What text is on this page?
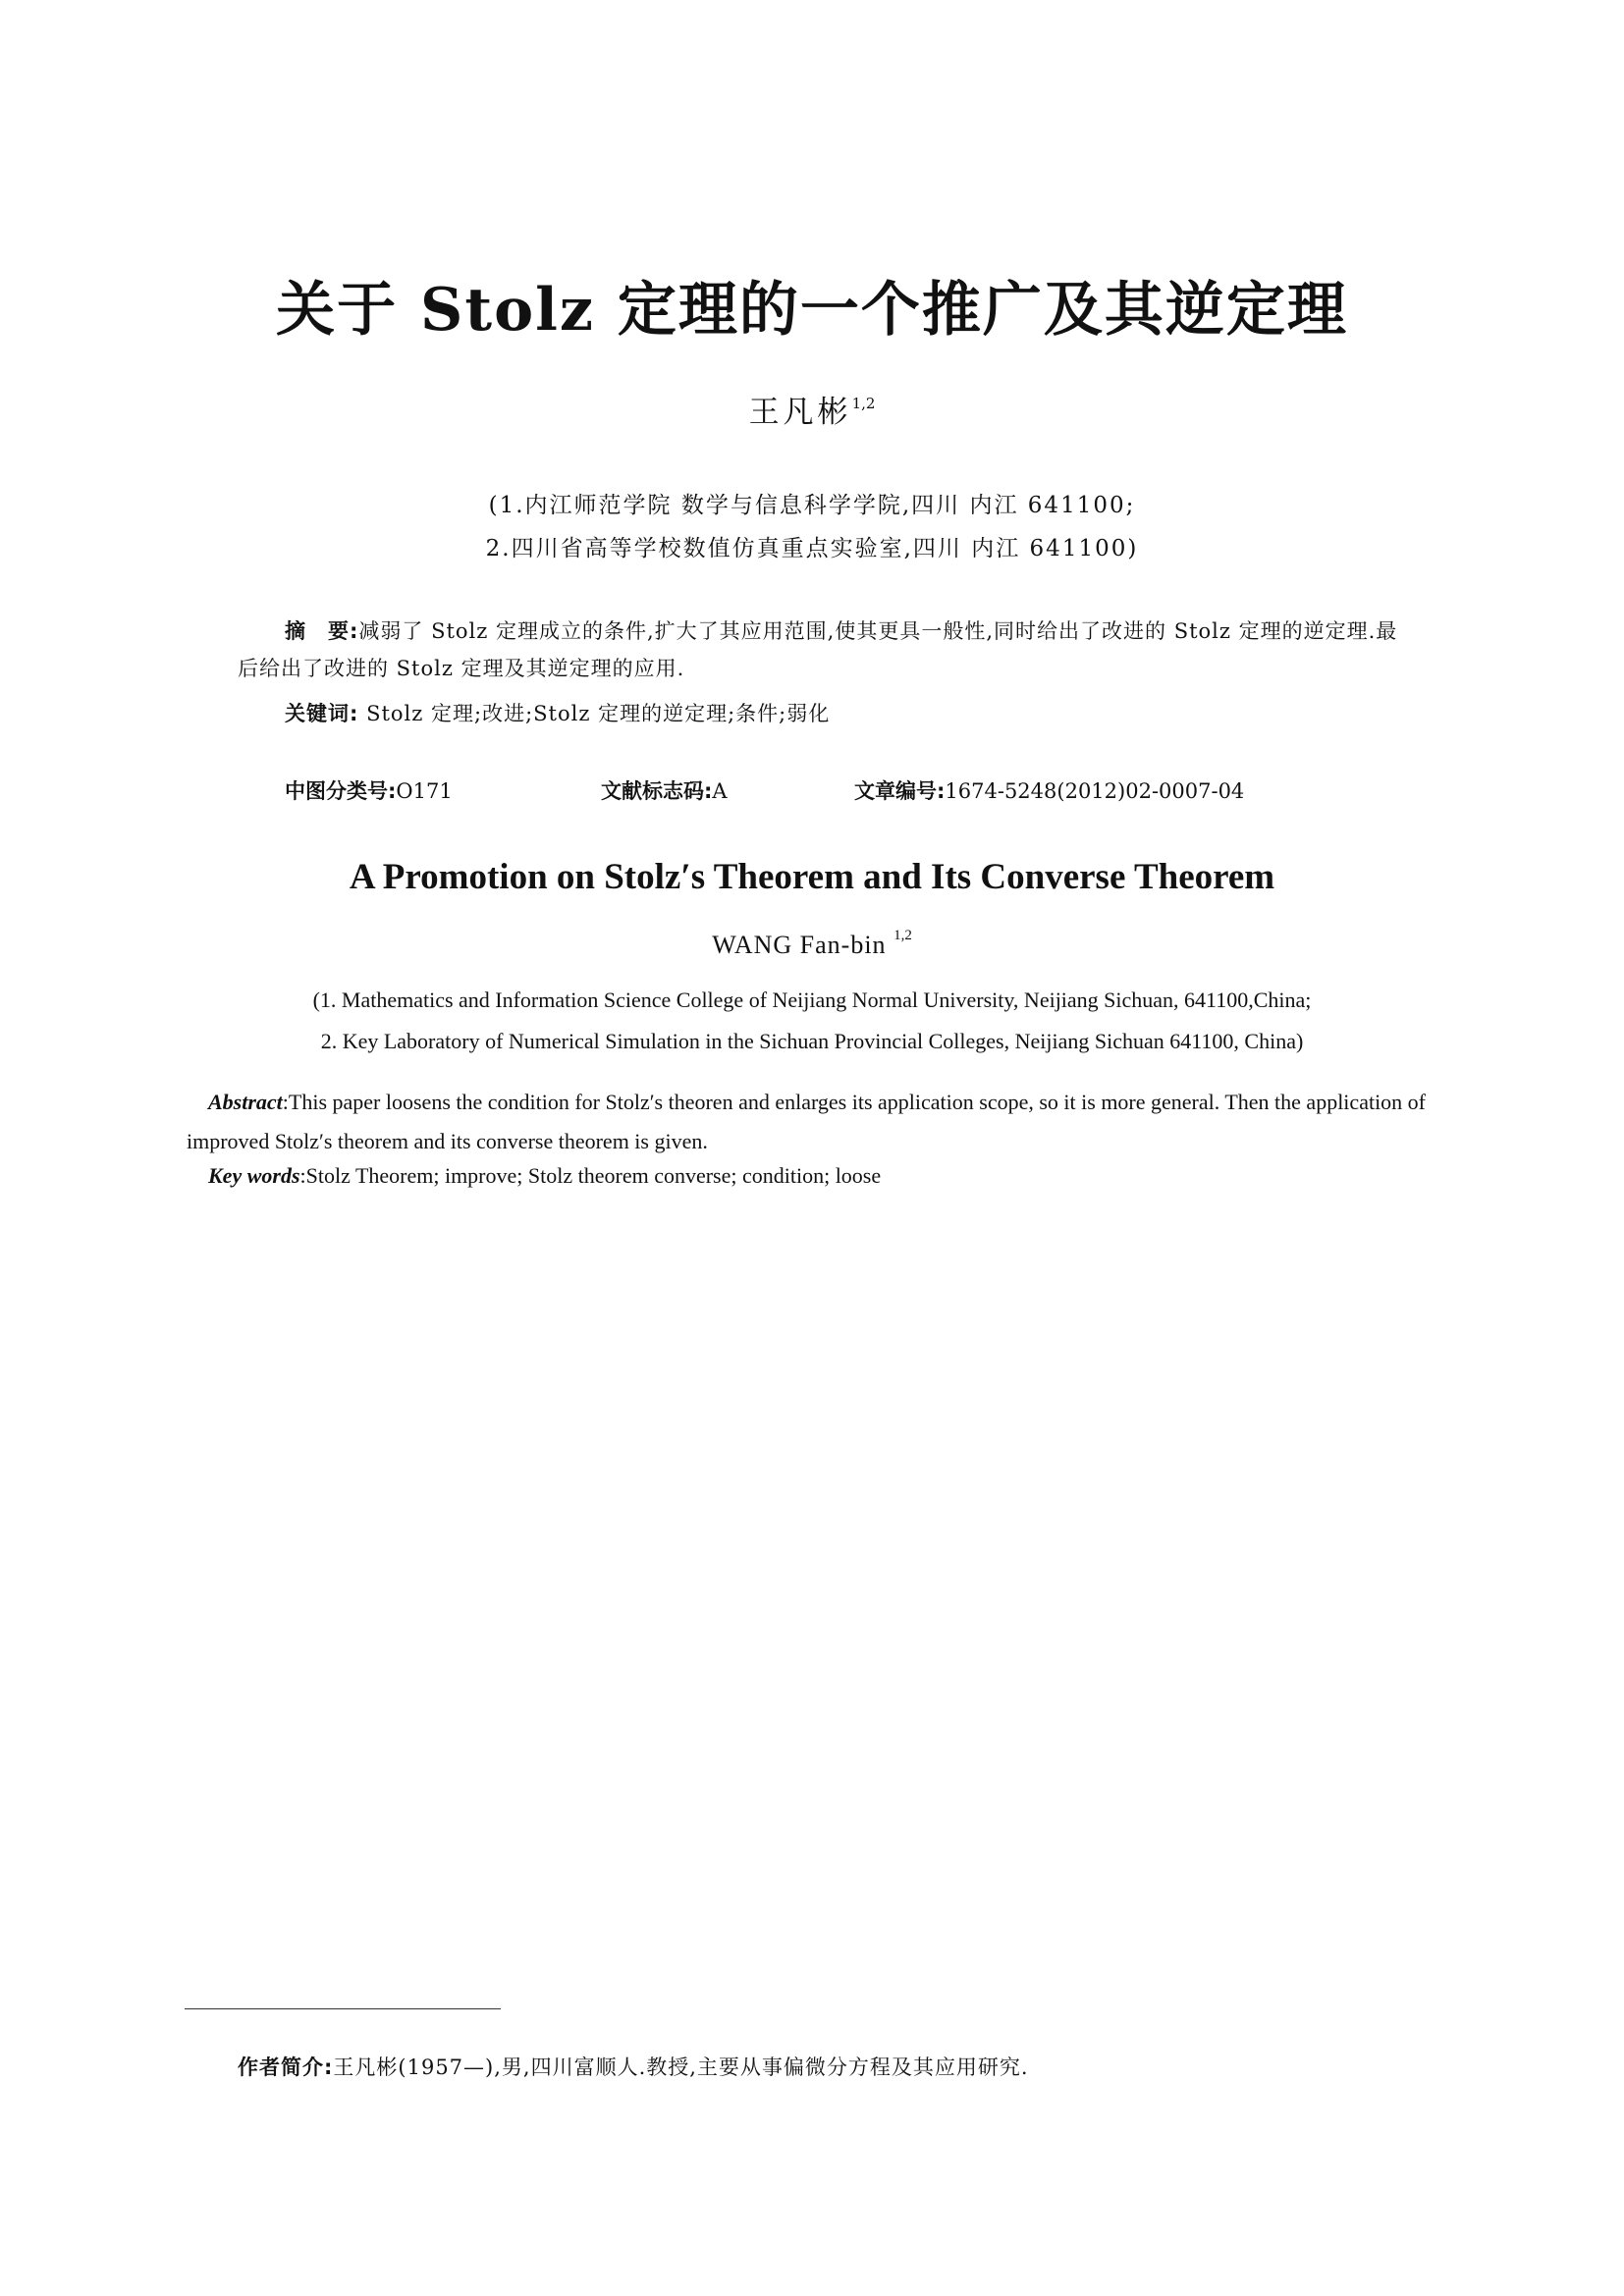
关于 Stolz 定理的一个推广及其逆定理
王凡彬$^{1,2}$
(1.内江师范学院 数学与信息科学学院,四川 内江 641100;
2.四川省高等学校数值仿真重点实验室,四川 内江 641100)
摘　要:减弱了 Stolz 定理成立的条件,扩大了其应用范围,使其更具一般性,同时给出了改进的 Stolz 定理的逆定理.最后给出了改进的 Stolz 定理及其逆定理的应用.
关键词: Stolz 定理;改进;Stolz 定理的逆定理;条件;弱化
中图分类号:O171	文献标志码:A	文章编号:1674-5248(2012)02-0007-04
A Promotion on Stolz′s Theorem and Its Converse Theorem
WANG Fan-bin $^{1,2}$
(1. Mathematics and Information Science College of Neijiang Normal University, Neijiang Sichuan, 641100,China;
2. Key Laboratory of Numerical Simulation in the Sichuan Provincial Colleges, Neijiang Sichuan 641100, China)
Abstract:This paper loosens the condition for Stolz′s theoren and enlarges its application scope, so it is more general. Then the application of improved Stolz′s theorem and its converse theorem is given.
Key words:Stolz Theorem; improve; Stolz theorem converse; condition; loose
作者简介:王凡彬(1957—),男,四川富顺人.教授,主要从事偏微分方程及其应用研究.
